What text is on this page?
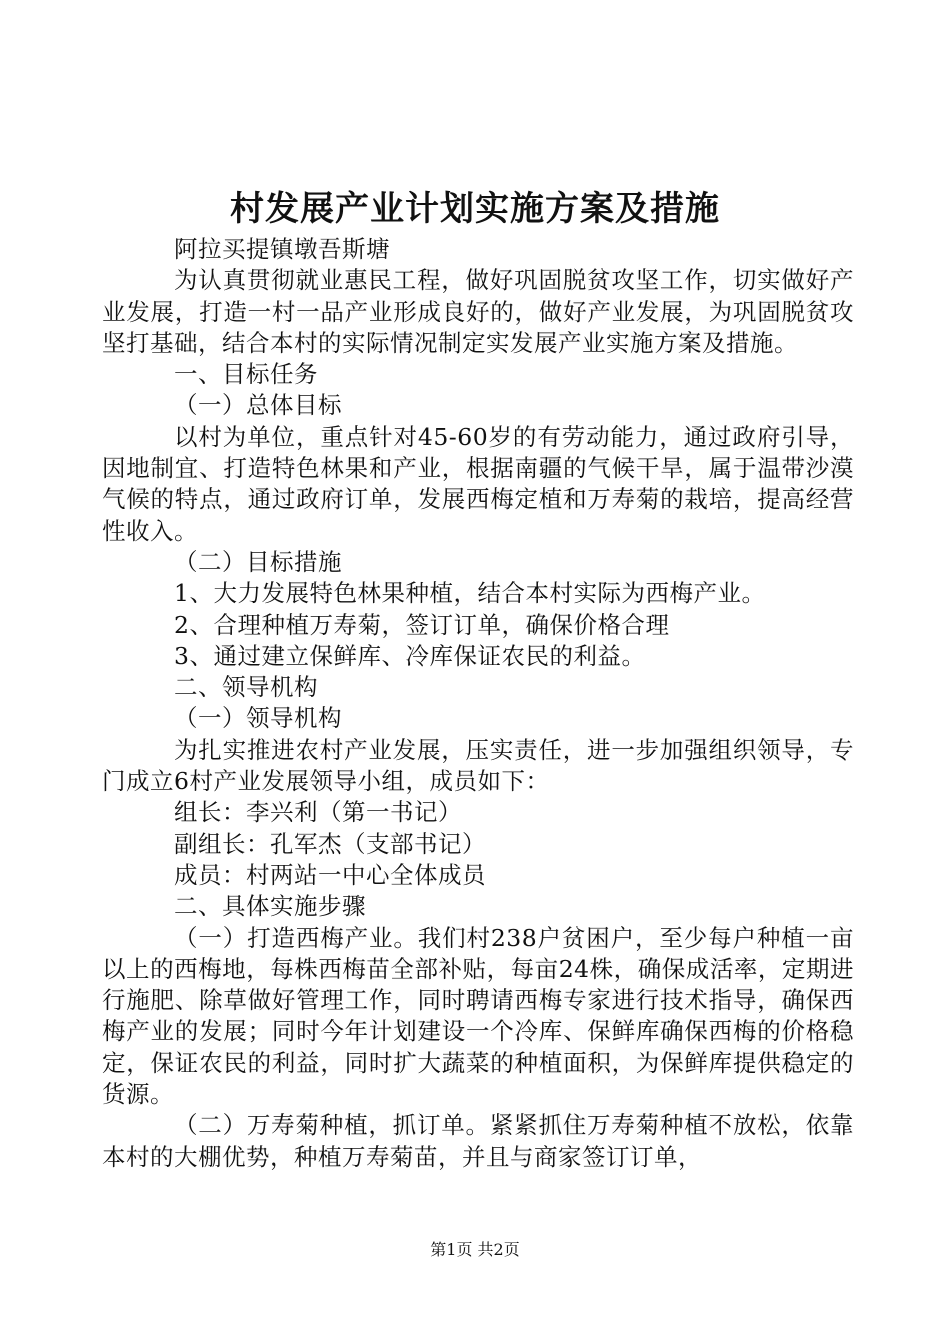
村发展产业计划实施方案及措施

阿拉买提镇墩吾斯塘

为认真贯彻就业惠民工程，做好巩固脱贫攻坚工作，切实做好产业发展，打造一村一品产业形成良好的，做好产业发展，为巩固脱贫攻坚打基础，结合本村的实际情况制定实发展产业实施方案及措施。

一、目标任务

（一）总体目标

以村为单位，重点针对45-60岁的有劳动能力，通过政府引导，因地制宜、打造特色林果和产业，根据南疆的气候干旱，属于温带沙漠气候的特点，通过政府订单，发展西梅定植和万寿菊的栽培，提高经营性收入。

（二）目标措施

1、大力发展特色林果种植，结合本村实际为西梅产业。

2、合理种植万寿菊，签订订单，确保价格合理

3、通过建立保鲜库、冷库保证农民的利益。

二、领导机构

（一）领导机构

为扎实推进农村产业发展，压实责任，进一步加强组织领导，专门成立6村产业发展领导小组，成员如下：

组长：李兴利（第一书记）

副组长：孔军杰（支部书记）

成员：村两站一中心全体成员

二、具体实施步骤

（一）打造西梅产业。我们村238户贫困户，至少每户种植一亩以上的西梅地，每株西梅苗全部补贴，每亩24株，确保成活率，定期进行施肥、除草做好管理工作，同时聘请西梅专家进行技术指导，确保西梅产业的发展；同时今年计划建设一个冷库、保鲜库确保西梅的价格稳定，保证农民的利益，同时扩大蔬菜的种植面积，为保鲜库提供稳定的货源。

（二）万寿菊种植，抓订单。紧紧抓住万寿菊种植不放松，依靠本村的大棚优势，种植万寿菊苗，并且与商家签订订单，

第1页 共2页
